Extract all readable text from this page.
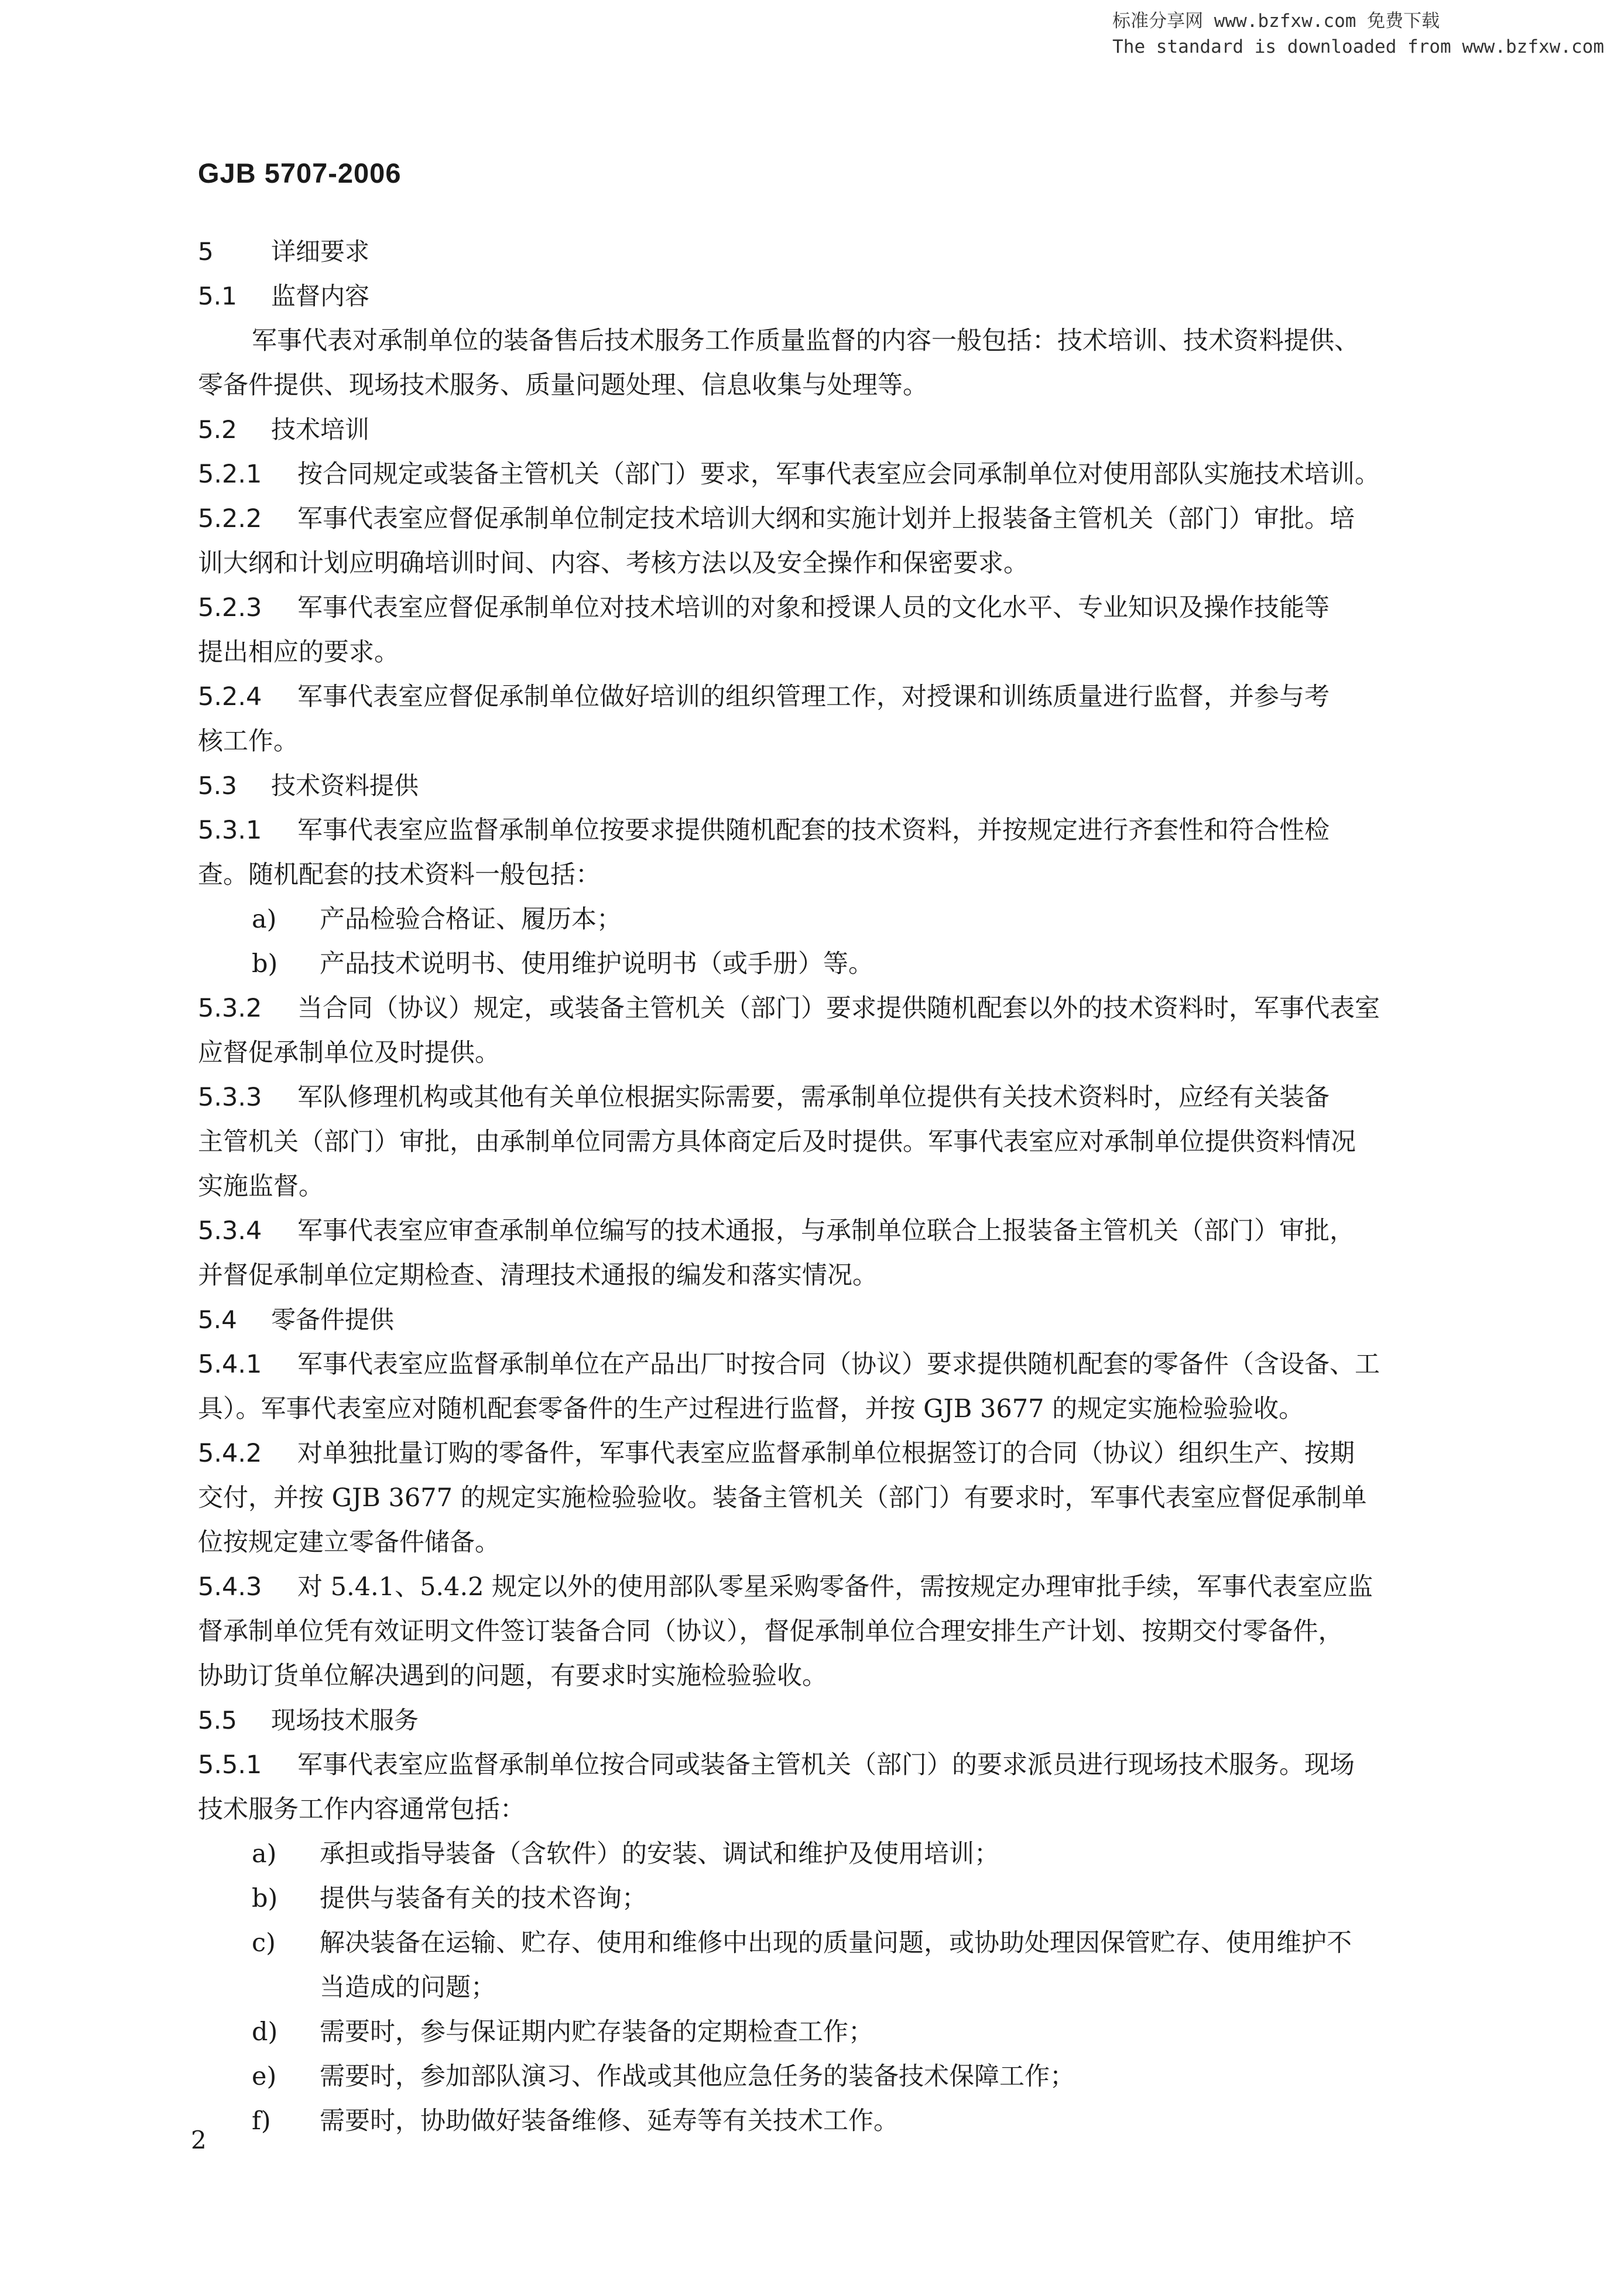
标准分享网 www.bzfxw.com 免费下载
The standard is downloaded from www.bzfxw.com
GJB 5707-2006
5 详细要求
5.1 监督内容
军事代表对承制单位的装备售后技术服务工作质量监督的内容一般包括：技术培训、技术资料提供、
零备件提供、现场技术服务、质量问题处理、信息收集与处理等。
5.2 技术培训
5.2.1 按合同规定或装备主管机关（部门）要求，军事代表室应会同承制单位对使用部队实施技术培训。
5.2.2 军事代表室应督促承制单位制定技术培训大纲和实施计划并上报装备主管机关（部门）审批。培
训大纲和计划应明确培训时间、内容、考核方法以及安全操作和保密要求。
5.2.3 军事代表室应督促承制单位对技术培训的对象和授课人员的文化水平、专业知识及操作技能等
提出相应的要求。
5.2.4 军事代表室应督促承制单位做好培训的组织管理工作，对授课和训练质量进行监督，并参与考
核工作。
5.3 技术资料提供
5.3.1 军事代表室应监督承制单位按要求提供随机配套的技术资料，并按规定进行齐套性和符合性检
查。随机配套的技术资料一般包括：
a) 产品检验合格证、履历本；
b) 产品技术说明书、使用维护说明书（或手册）等。
5.3.2 当合同（协议）规定，或装备主管机关（部门）要求提供随机配套以外的技术资料时，军事代表室
应督促承制单位及时提供。
5.3.3 军队修理机构或其他有关单位根据实际需要，需承制单位提供有关技术资料时，应经有关装备
主管机关（部门）审批，由承制单位同需方具体商定后及时提供。军事代表室应对承制单位提供资料情况
实施监督。
5.3.4 军事代表室应审查承制单位编写的技术通报，与承制单位联合上报装备主管机关（部门）审批，
并督促承制单位定期检查、清理技术通报的编发和落实情况。
5.4 零备件提供
5.4.1 军事代表室应监督承制单位在产品出厂时按合同（协议）要求提供随机配套的零备件（含设备、工
具）。军事代表室应对随机配套零备件的生产过程进行监督，并按 GJB 3677 的规定实施检验验收。
5.4.2 对单独批量订购的零备件，军事代表室应监督承制单位根据签订的合同（协议）组织生产、按期
交付，并按 GJB 3677 的规定实施检验验收。装备主管机关（部门）有要求时，军事代表室应督促承制单
位按规定建立零备件储备。
5.4.3 对 5.4.1、5.4.2 规定以外的使用部队零星采购零备件，需按规定办理审批手续，军事代表室应监
督承制单位凭有效证明文件签订装备合同（协议），督促承制单位合理安排生产计划、按期交付零备件，
协助订货单位解决遇到的问题，有要求时实施检验验收。
5.5 现场技术服务
5.5.1 军事代表室应监督承制单位按合同或装备主管机关（部门）的要求派员进行现场技术服务。现场
技术服务工作内容通常包括：
a) 承担或指导装备（含软件）的安装、调试和维护及使用培训；
b) 提供与装备有关的技术咨询；
c) 解决装备在运输、贮存、使用和维修中出现的质量问题，或协助处理因保管贮存、使用维护不
当造成的问题；
d) 需要时，参与保证期内贮存装备的定期检查工作；
e) 需要时，参加部队演习、作战或其他应急任务的装备技术保障工作；
f) 需要时，协助做好装备维修、延寿等有关技术工作。
2
